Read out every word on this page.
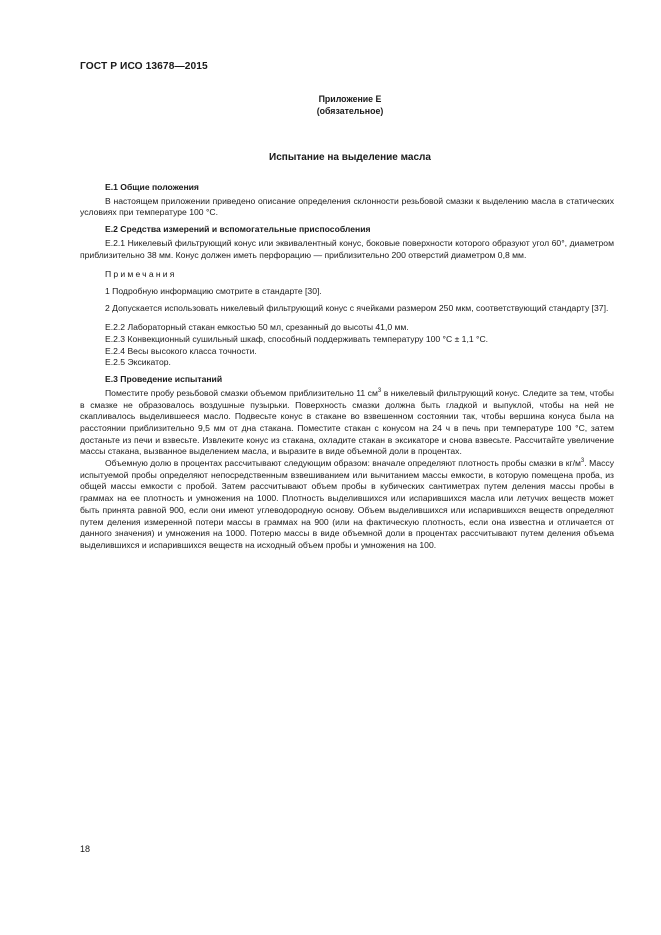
ГОСТ Р ИСО 13678—2015
Приложение Е
(обязательное)
Испытание на выделение масла
Е.1 Общие положения

В настоящем приложении приведено описание определения склонности резьбовой смазки к выделению масла в статических условиях при температуре 100 °С.

Е.2 Средства измерений и вспомогательные приспособления

Е.2.1 Никелевый фильтрующий конус или эквивалентный конус, боковые поверхности которого образуют угол 60°, диаметром приблизительно 38 мм. Конус должен иметь перфорацию — приблизительно 200 отверстий диаметром 0,8 мм.

Примечания

1 Подробную информацию смотрите в стандарте [30].

2 Допускается использовать никелевый фильтрующий конус с ячейками размером 250 мкм, соответствующий стандарту [37].

Е.2.2 Лабораторный стакан емкостью 50 мл, срезанный до высоты 41,0 мм.

Е.2.3 Конвекционный сушильный шкаф, способный поддерживать температуру 100 °С ± 1,1 °С.

Е.2.4 Весы высокого класса точности.

Е.2.5 Эксикатор.

Е.3 Проведение испытаний

Поместите пробу резьбовой смазки объемом приблизительно 11 $см^3$ в никелевый фильтрующий конус. Следите за тем, чтобы в смазке не образовалось воздушные пузырьки. Поверхность смазки должна быть гладкой и выпуклой, чтобы на ней не скапливалось выделившееся масло. Подвесьте конус в стакане во взвешенном состоянии так, чтобы вершина конуса была на расстоянии приблизительно 9,5 мм от дна стакана. Поместите стакан с конусом на 24 ч в печь при температуре 100 °С, затем достаньте из печи и взвесьте. Извлеките конус из стакана, охладите стакан в эксикаторе и снова взвесьте. Рассчитайте увеличение массы стакана, вызванное выделением масла, и выразите в виде объемной доли в процентах.

Объемную долю в процентах рассчитывают следующим образом: вначале определяют плотность пробы смазки в $кг/м^3$. Массу испытуемой пробы определяют непосредственным взвешиванием или вычитанием массы емкости, в которую помещена проба, из общей массы емкости с пробой. Затем рассчитывают объем пробы в кубических сантиметрах путем деления массы пробы в граммах на ее плотность и умножения на 1000. Плотность выделившихся или испарившихся масла или летучих веществ может быть принята равной 900, если они имеют углеводородную основу. Объем выделившихся или испарившихся веществ определяют путем деления измеренной потери массы в граммах на 900 (или на фактическую плотность, если она известна и отличается от данного значения) и умножения на 1000. Потерю массы в виде объемной доли в процентах рассчитывают путем деления объема выделившихся и испарившихся веществ на исходный объем пробы и умножения на 100.

18
